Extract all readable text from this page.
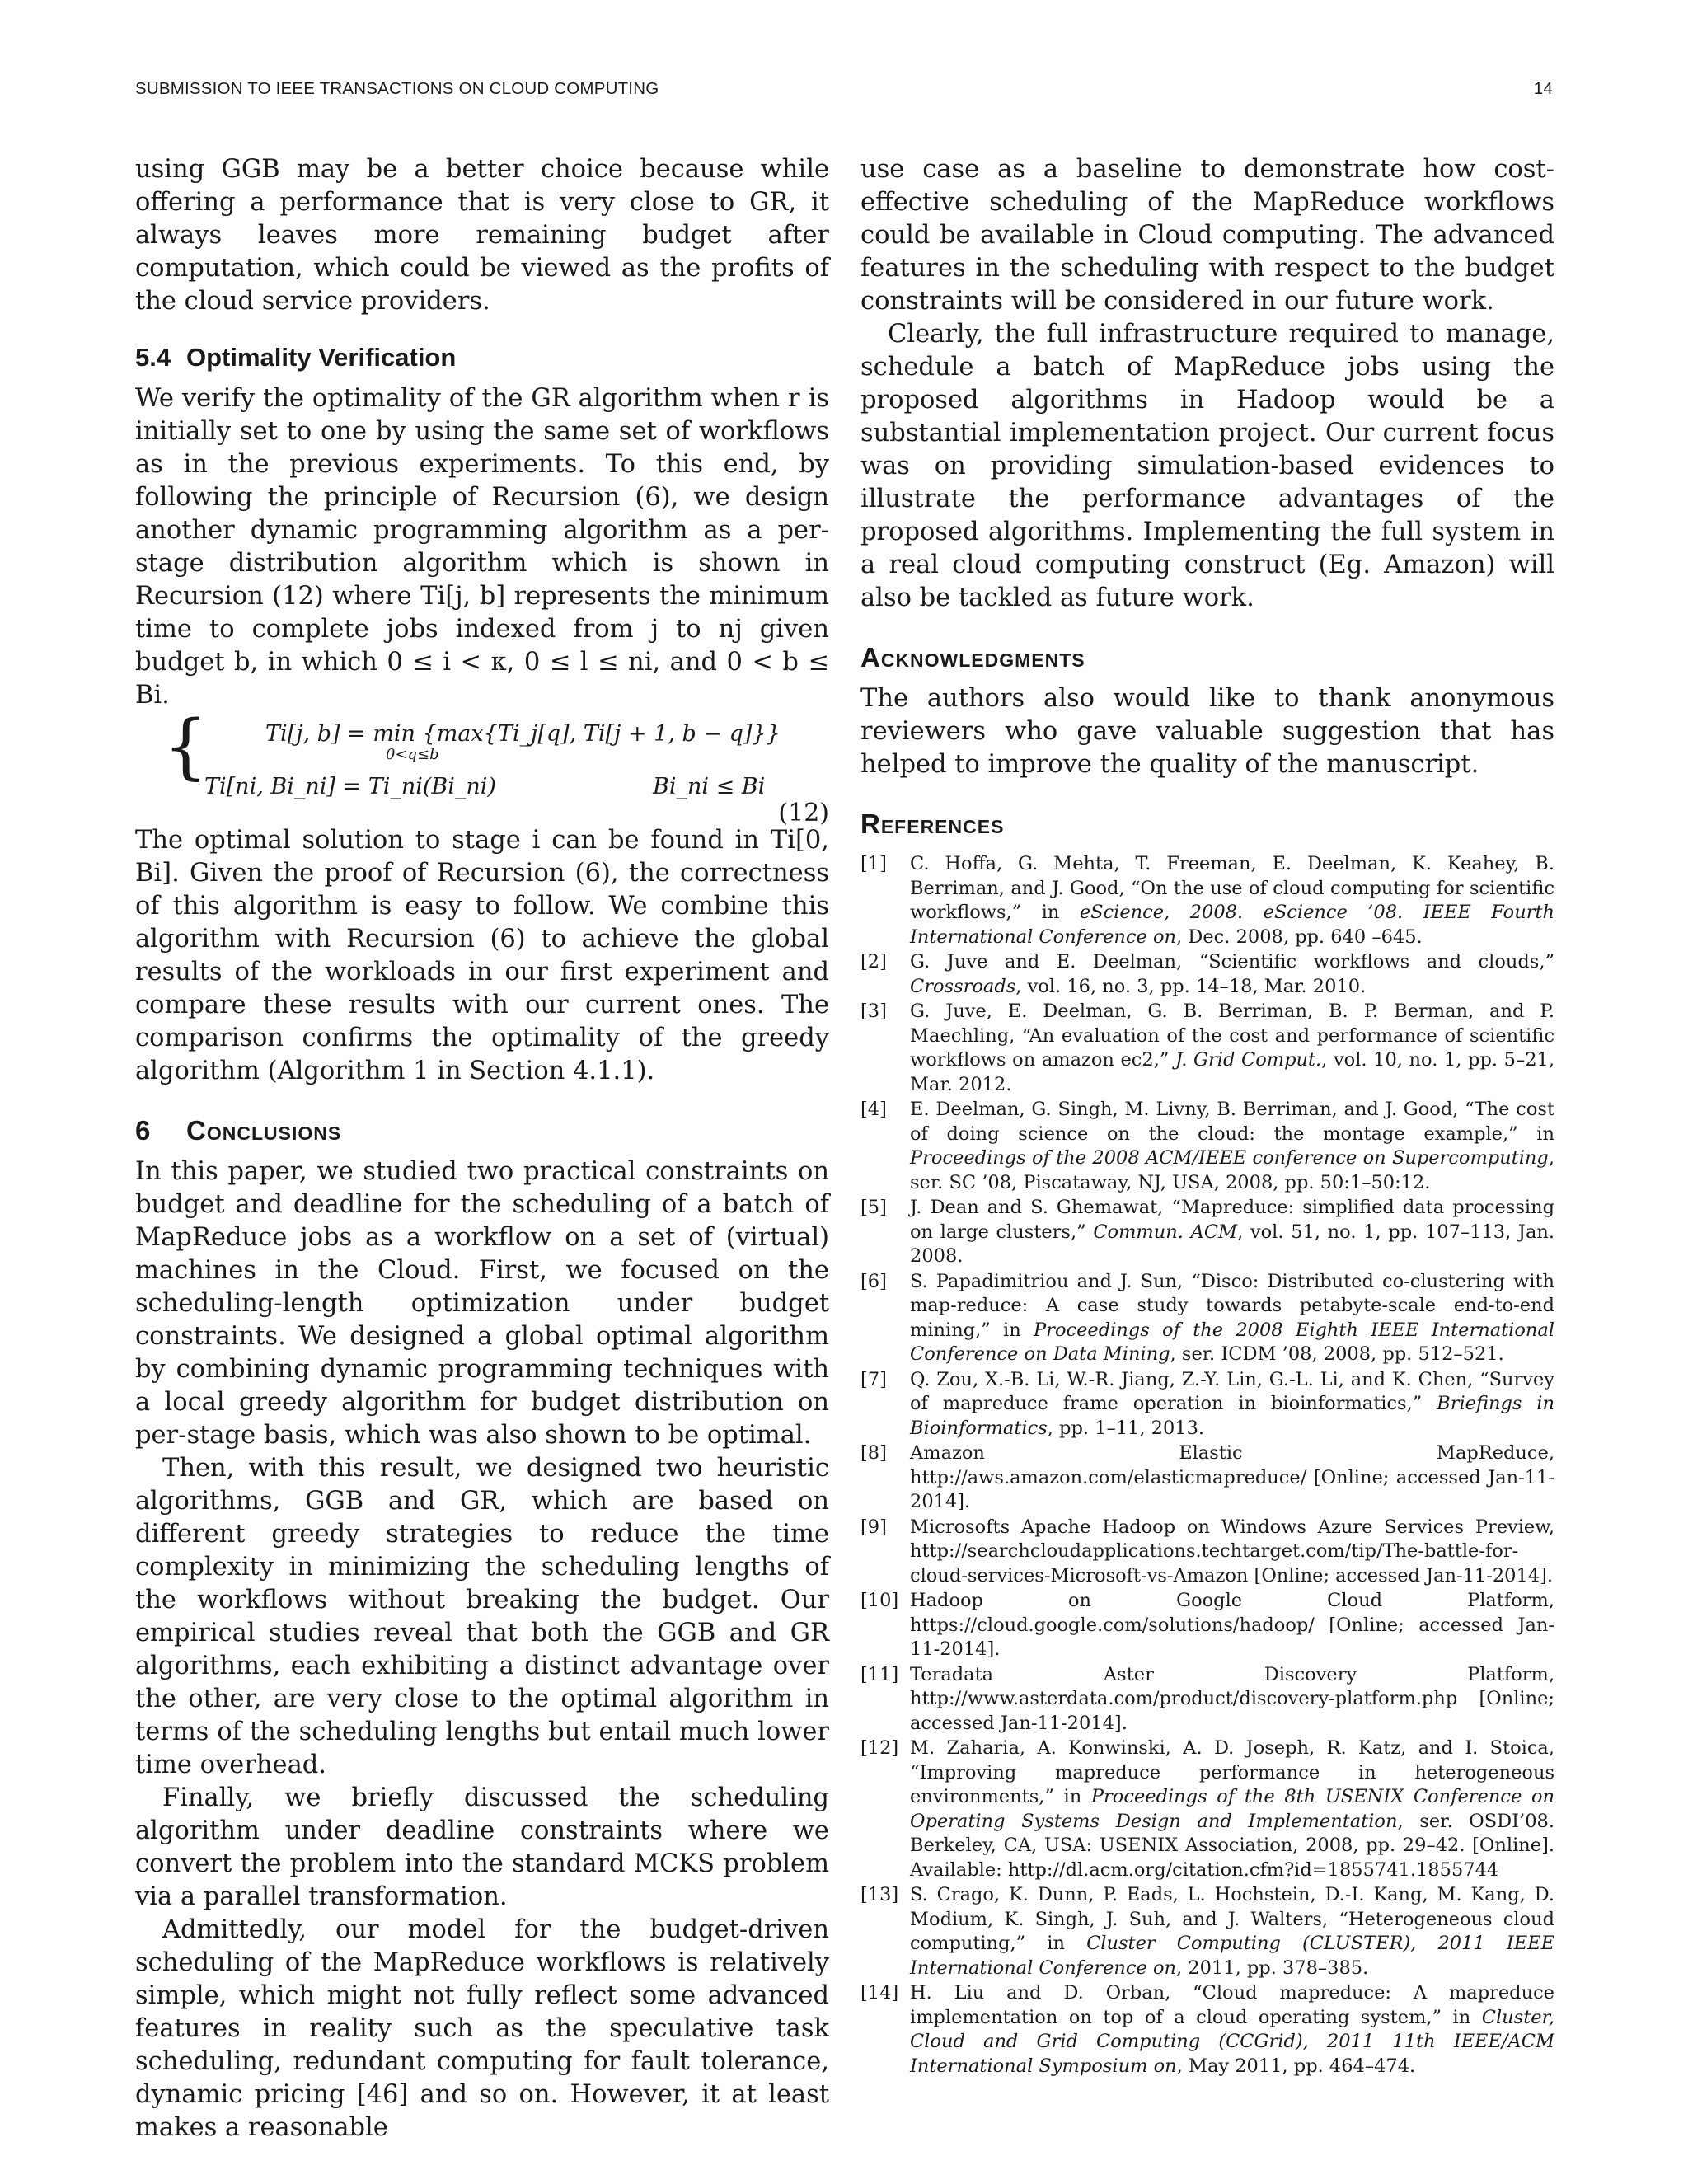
SUBMISSION TO IEEE TRANSACTIONS ON CLOUD COMPUTING	14

using GGB may be a better choice because while offering a performance that is very close to GR, it always leaves more remaining budget after computation, which could be viewed as the profits of the cloud service providers.

5.4 Optimality Verification

We verify the optimality of the GR algorithm when r is initially set to one by using the same set of workflows as in the previous experiments. To this end, by following the principle of Recursion (6), we design another dynamic programming algorithm as a per-stage distribution algorithm which is shown in Recursion (12) where Ti[j, b] represents the minimum time to complete jobs indexed from j to nj given budget b, in which 0 ≤ i < κ, 0 ≤ l ≤ ni, and 0 < b ≤ Bi.

{	Ti[j, b] = min {max{Ti_j[q], Ti[j + 1, b − q]}}
0<q≤b
Ti[ni, Bi_ni] = Ti_ni(Bi_ni)	Bi_ni ≤ Bi
(12)

The optimal solution to stage i can be found in Ti[0, Bi]. Given the proof of Recursion (6), the correctness of this algorithm is easy to follow. We combine this algorithm with Recursion (6) to achieve the global results of the workloads in our first experiment and compare these results with our current ones. The comparison confirms the optimality of the greedy algorithm (Algorithm 1 in Section 4.1.1).

6 Conclusions

In this paper, we studied two practical constraints on budget and deadline for the scheduling of a batch of MapReduce jobs as a workflow on a set of (virtual) machines in the Cloud. First, we focused on the scheduling-length optimization under budget constraints. We designed a global optimal algorithm by combining dynamic programming techniques with a local greedy algorithm for budget distribution on per-stage basis, which was also shown to be optimal.

Then, with this result, we designed two heuristic algorithms, GGB and GR, which are based on different greedy strategies to reduce the time complexity in minimizing the scheduling lengths of the workflows without breaking the budget. Our empirical studies reveal that both the GGB and GR algorithms, each exhibiting a distinct advantage over the other, are very close to the optimal algorithm in terms of the scheduling lengths but entail much lower time overhead.

Finally, we briefly discussed the scheduling algorithm under deadline constraints where we convert the problem into the standard MCKS problem via a parallel transformation.

Admittedly, our model for the budget-driven scheduling of the MapReduce workflows is relatively simple, which might not fully reflect some advanced features in reality such as the speculative task scheduling, redundant computing for fault tolerance, dynamic pricing [46] and so on. However, it at least makes a reasonable

use case as a baseline to demonstrate how cost-effective scheduling of the MapReduce workflows could be available in Cloud computing. The advanced features in the scheduling with respect to the budget constraints will be considered in our future work.

Clearly, the full infrastructure required to manage, schedule a batch of MapReduce jobs using the proposed algorithms in Hadoop would be a substantial implementation project. Our current focus was on providing simulation-based evidences to illustrate the performance advantages of the proposed algorithms. Implementing the full system in a real cloud computing construct (Eg. Amazon) will also be tackled as future work.

Acknowledgments

The authors also would like to thank anonymous reviewers who gave valuable suggestion that has helped to improve the quality of the manuscript.

References
[1] C. Hoffa, G. Mehta, T. Freeman, E. Deelman, K. Keahey, B. Berriman, and J. Good, “On the use of cloud computing for scientific workflows,” in eScience, 2008. eScience ’08. IEEE Fourth International Conference on, Dec. 2008, pp. 640 –645.
[2] G. Juve and E. Deelman, “Scientific workflows and clouds,” Crossroads, vol. 16, no. 3, pp. 14–18, Mar. 2010.
[3] G. Juve, E. Deelman, G. B. Berriman, B. P. Berman, and P. Maechling, “An evaluation of the cost and performance of scientific workflows on amazon ec2,” J. Grid Comput., vol. 10, no. 1, pp. 5–21, Mar. 2012.
[4] E. Deelman, G. Singh, M. Livny, B. Berriman, and J. Good, “The cost of doing science on the cloud: the montage example,” in Proceedings of the 2008 ACM/IEEE conference on Supercomputing, ser. SC ’08, Piscataway, NJ, USA, 2008, pp. 50:1–50:12.
[5] J. Dean and S. Ghemawat, “Mapreduce: simplified data processing on large clusters,” Commun. ACM, vol. 51, no. 1, pp. 107–113, Jan. 2008.
[6] S. Papadimitriou and J. Sun, “Disco: Distributed co-clustering with map-reduce: A case study towards petabyte-scale end-to-end mining,” in Proceedings of the 2008 Eighth IEEE International Conference on Data Mining, ser. ICDM ’08, 2008, pp. 512–521.
[7] Q. Zou, X.-B. Li, W.-R. Jiang, Z.-Y. Lin, G.-L. Li, and K. Chen, “Survey of mapreduce frame operation in bioinformatics,” Briefings in Bioinformatics, pp. 1–11, 2013.
[8] Amazon Elastic MapReduce, http://aws.amazon.com/elasticmapreduce/ [Online; accessed Jan-11-2014].
[9] Microsofts Apache Hadoop on Windows Azure Services Preview, http://searchcloudapplications.techtarget.com/tip/The-battle-for-cloud-services-Microsoft-vs-Amazon [Online; accessed Jan-11-2014].
[10] Hadoop on Google Cloud Platform, https://cloud.google.com/solutions/hadoop/ [Online; accessed Jan-11-2014].
[11] Teradata Aster Discovery Platform, http://www.asterdata.com/product/discovery-platform.php [Online; accessed Jan-11-2014].
[12] M. Zaharia, A. Konwinski, A. D. Joseph, R. Katz, and I. Stoica, “Improving mapreduce performance in heterogeneous environments,” in Proceedings of the 8th USENIX Conference on Operating Systems Design and Implementation, ser. OSDI’08. Berkeley, CA, USA: USENIX Association, 2008, pp. 29–42. [Online]. Available: http://dl.acm.org/citation.cfm?id=1855741.1855744
[13] S. Crago, K. Dunn, P. Eads, L. Hochstein, D.-I. Kang, M. Kang, D. Modium, K. Singh, J. Suh, and J. Walters, “Heterogeneous cloud computing,” in Cluster Computing (CLUSTER), 2011 IEEE International Conference on, 2011, pp. 378–385.
[14] H. Liu and D. Orban, “Cloud mapreduce: A mapreduce implementation on top of a cloud operating system,” in Cluster, Cloud and Grid Computing (CCGrid), 2011 11th IEEE/ACM International Symposium on, May 2011, pp. 464–474.
